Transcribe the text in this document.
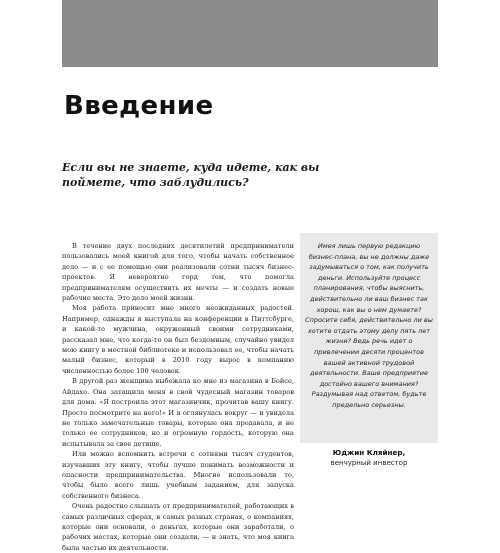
Введение
Если вы не знаете, куда идете, как вы поймете, что заблудились?

В течение двух последних десятилетий предприниматели пользовались моей книгой для того, чтобы начать собственное дело — и с ее помощью они реализовали сотни тысяч бизнес-проектов. Я невероятно горд тем, что помогла предпринимателям осуществить их мечты — и создать новые рабочие места. Это дело моей жизни.

Моя работа приносит мне много неожиданных радостей. Например, однажды я выступала на конференции в Питтсбурге, и какой-то мужчина, окруженный своими сотрудниками, рассказал мне, что когда-то он был бездомным, случайно увидел мою книгу в местной библиотеке и использовал ее, чтобы начать малый бизнес, который в 2010 году вырос в компанию численностью более 100 человек.

В другой раз женщина выбежала ко мне из магазина в Бойсе, Айдахо. Она затащила меня в свой чудесный магазин товаров для дома. «Я построила этот магазинчик, прочитав вашу книгу. Просто посмотрите на него!» И я оглянулась вокруг — и увидела не только замечательные товары, которые она продавала, и не только ее сотрудников, но и огромную гордость, которую она испытывала за свое детище.

Или можно вспомнить встречи с сотнями тысяч студентов, изучавших эту книгу, чтобы лучше понимать возможности и опасности предпринимательства. Многие использовали то, чтобы было всего лишь учебным заданием, для запуска собственного бизнеса.

Очень радостно слышать от предпринимателей, работающих в самых различных сферах, в самых разных странах, о компаниях, которые они основали, о деньгах, которые они заработали, о рабочих местах, которые они создали, — и знать, что моя книга была частью их деятельности.

Имея лишь первую редакцию бизнес-плана, вы не должны даже задумываться о том, как получить деньги. Используйте процесс планирования, чтобы выяснить, действительно ли ваш бизнес так хорош, как вы о нем думаете? Спросите себя, действительно ли вы хотите отдать этому делу пять лет жизни? Ведь речь идет о привлечении десяти процентов вашей активной трудовой деятельности. Ваше предприятие достойно вашего внимания? Раздумывая над ответом, будьте предельно серьезны.

Юджин Кляйнер,
венчурный инвестор
